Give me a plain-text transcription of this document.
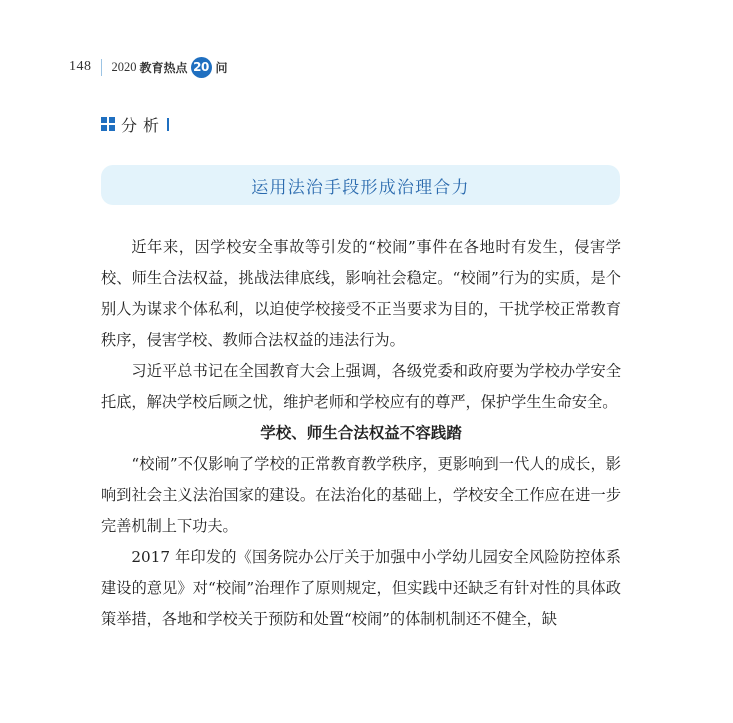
148 2020 教育热点 20 问
分析
运用法治手段形成治理合力

近年来，因学校安全事故等引发的“校闹”事件在各地时有发生，侵害学校、师生合法权益，挑战法律底线，影响社会稳定。“校闹”行为的实质，是个别人为谋求个体私利，以迫使学校接受不正当要求为目的，干扰学校正常教育秩序，侵害学校、教师合法权益的违法行为。

习近平总书记在全国教育大会上强调，各级党委和政府要为学校办学安全托底，解决学校后顾之忧，维护老师和学校应有的尊严，保护学生生命安全。

学校、师生合法权益不容践踏

“校闹”不仅影响了学校的正常教育教学秩序，更影响到一代人的成长，影响到社会主义法治国家的建设。在法治化的基础上，学校安全工作应在进一步完善机制上下功夫。

2017 年印发的《国务院办公厅关于加强中小学幼儿园安全风险防控体系建设的意见》对“校闹”治理作了原则规定，但实践中还缺乏有针对性的具体政策举措，各地和学校关于预防和处置“校闹”的体制机制还不健全，缺
